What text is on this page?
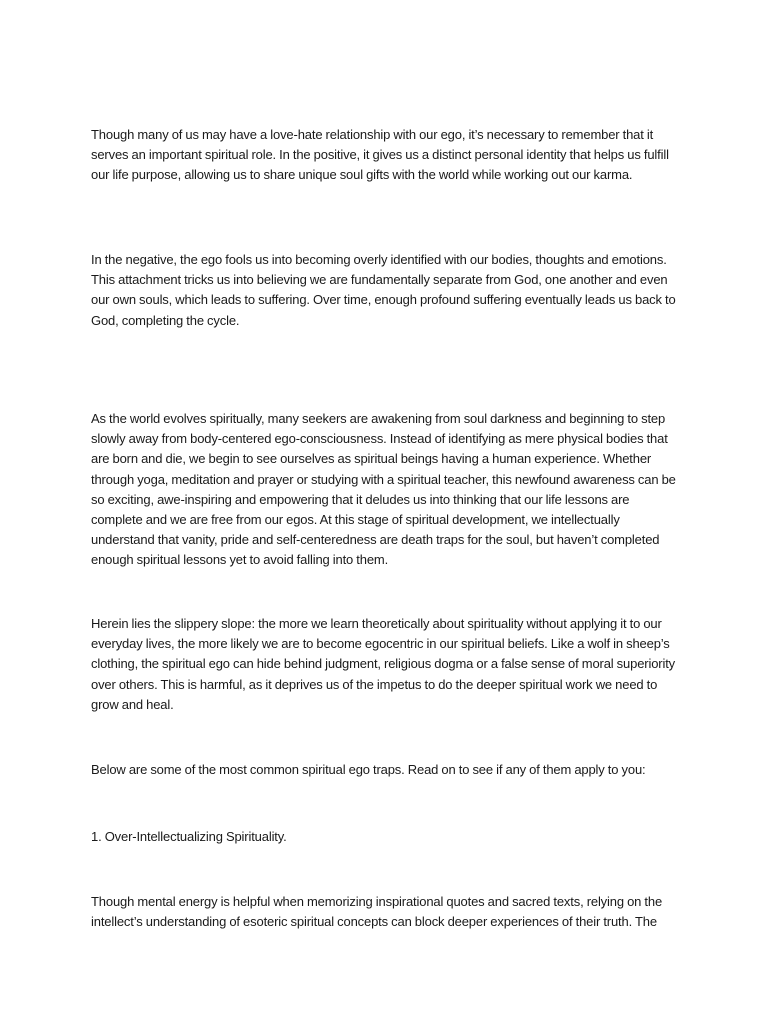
Though many of us may have a love-hate relationship with our ego, it’s necessary to remember that it serves an important spiritual role. In the positive, it gives us a distinct personal identity that helps us fulfill our life purpose, allowing us to share unique soul gifts with the world while working out our karma.

In the negative, the ego fools us into becoming overly identified with our bodies, thoughts and emotions. This attachment tricks us into believing we are fundamentally separate from God, one another and even our own souls, which leads to suffering. Over time, enough profound suffering eventually leads us back to God, completing the cycle.

As the world evolves spiritually, many seekers are awakening from soul darkness and beginning to step slowly away from body-centered ego-consciousness. Instead of identifying as mere physical bodies that are born and die, we begin to see ourselves as spiritual beings having a human experience. Whether through yoga, meditation and prayer or studying with a spiritual teacher, this newfound awareness can be so exciting, awe-inspiring and empowering that it deludes us into thinking that our life lessons are complete and we are free from our egos. At this stage of spiritual development, we intellectually understand that vanity, pride and self-centeredness are death traps for the soul, but haven’t completed enough spiritual lessons yet to avoid falling into them.

Herein lies the slippery slope: the more we learn theoretically about spirituality without applying it to our everyday lives, the more likely we are to become egocentric in our spiritual beliefs. Like a wolf in sheep’s clothing, the spiritual ego can hide behind judgment, religious dogma or a false sense of moral superiority over others. This is harmful, as it deprives us of the impetus to do the deeper spiritual work we need to grow and heal.

Below are some of the most common spiritual ego traps. Read on to see if any of them apply to you:

1. Over-Intellectualizing Spirituality.

Though mental energy is helpful when memorizing inspirational quotes and sacred texts, relying on the intellect’s understanding of esoteric spiritual concepts can block deeper experiences of their truth. The
